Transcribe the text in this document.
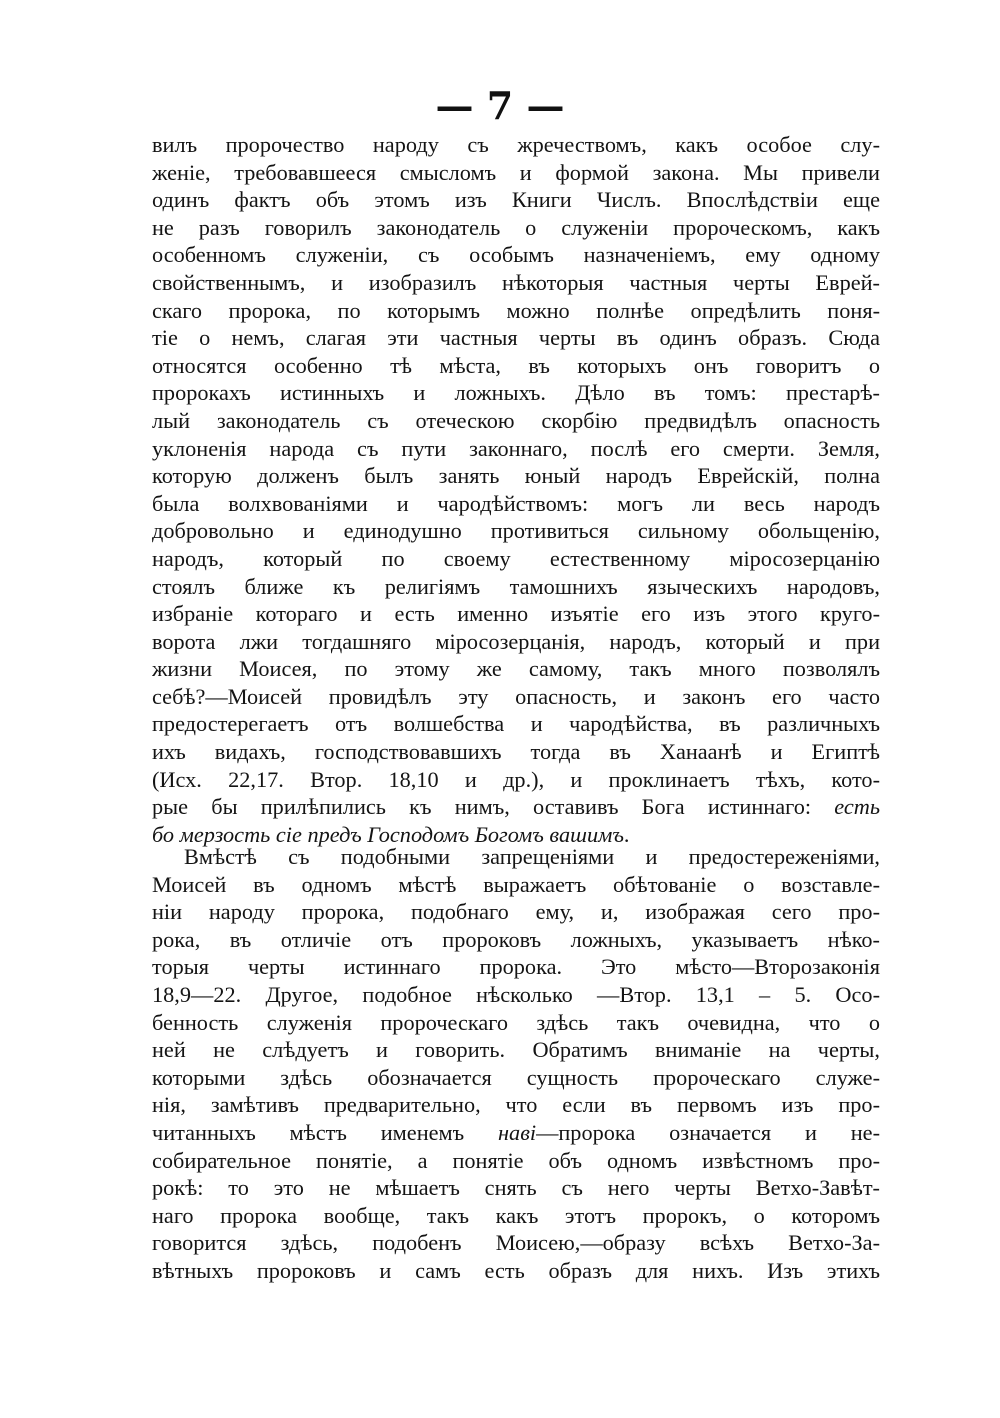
— 7 —
вилъ пророчество народу съ жречествомъ, какъ особое слу-
женіе, требовавшееся смысломъ и формой закона. Мы привели
одинъ фактъ объ этомъ изъ Книги Числъ. Впослѣдствіи еще
не разъ говорилъ законодатель о служеніи пророческомъ, какъ
особенномъ служеніи, съ особымъ назначеніемъ, ему одному
свойственнымъ, и изобразилъ нѣкоторыя частныя черты Еврей-
скаго пророка, по которымъ можно полнѣе опредѣлить поня-
тіе о немъ, слагая эти частныя черты въ одинъ образъ. Сюда
относятся особенно тѣ мѣста, въ которыхъ онъ говоритъ о
пророкахъ истинныхъ и ложныхъ. Дѣло въ томъ: престарѣ-
лый законодатель съ отеческою скорбію предвидѣлъ опасность
уклоненія народа съ пути законнаго, послѣ его смерти. Земля,
которую долженъ былъ занять юный народъ Еврейскій, полна
была волхвованіями и чародѣйствомъ: могъ ли весь народъ
добровольно и единодушно противиться сильному обольщенію,
народъ, который по своему естественному міросозерцанію
стоялъ ближе къ религіямъ тамошнихъ языческихъ народовъ,
избраніе котораго и есть именно изъятіе его изъ этого круго-
ворота лжи тогдашняго міросозерцанія, народъ, который и при
жизни Моисея, по этому же самому, такъ много позволялъ
себѣ?—Моисей провидѣлъ эту опасность, и законъ его часто
предостерегаетъ отъ волшебства и чародѣйства, въ различныхъ
ихъ видахъ, господствовавшихъ тогда въ Ханаанѣ и Египтѣ
(Исх. 22,17. Втор. 18,10 и др.), и проклинаетъ тѣхъ, кото-
рые бы прилѣпились къ нимъ, оставивъ Бога истиннаго: есть
бо мерзость сіе предъ Господомъ Богомъ вашимъ.
Вмѣстѣ съ подобными запрещеніями и предостереженіями,
Моисей въ одномъ мѣстѣ выражаетъ обѣтованіе о возставле-
ніи народу пророка, подобнаго ему, и, изображая сего про-
рока, въ отличіе отъ пророковъ ложныхъ, указываетъ нѣко-
торыя черты истиннаго пророка. Это мѣсто—Второзаконія
18,9—22. Другое, подобное нѣсколько —Втор. 13,1 – 5. Осо-
бенность служенія пророческаго здѣсь такъ очевидна, что о
ней не слѣдуетъ и говорить. Обратимъ вниманіе на черты,
которыми здѣсь обозначается сущность пророческаго служе-
нія, замѣтивъ предварительно, что если въ первомъ изъ про-
читанныхъ мѣстъ именемъ наві—пророка означается и не-
собирательное понятіе, а понятіе объ одномъ извѣстномъ про-
рокѣ: то это не мѣшаетъ снять съ него черты Ветхо-Завѣт-
наго пророка вообще, такъ какъ этотъ пророкъ, о которомъ
говорится здѣсь, подобенъ Моисею,—образу всѣхъ Ветхо-За-
вѣтныхъ пророковъ и самъ есть образъ для нихъ. Изъ этихъ
